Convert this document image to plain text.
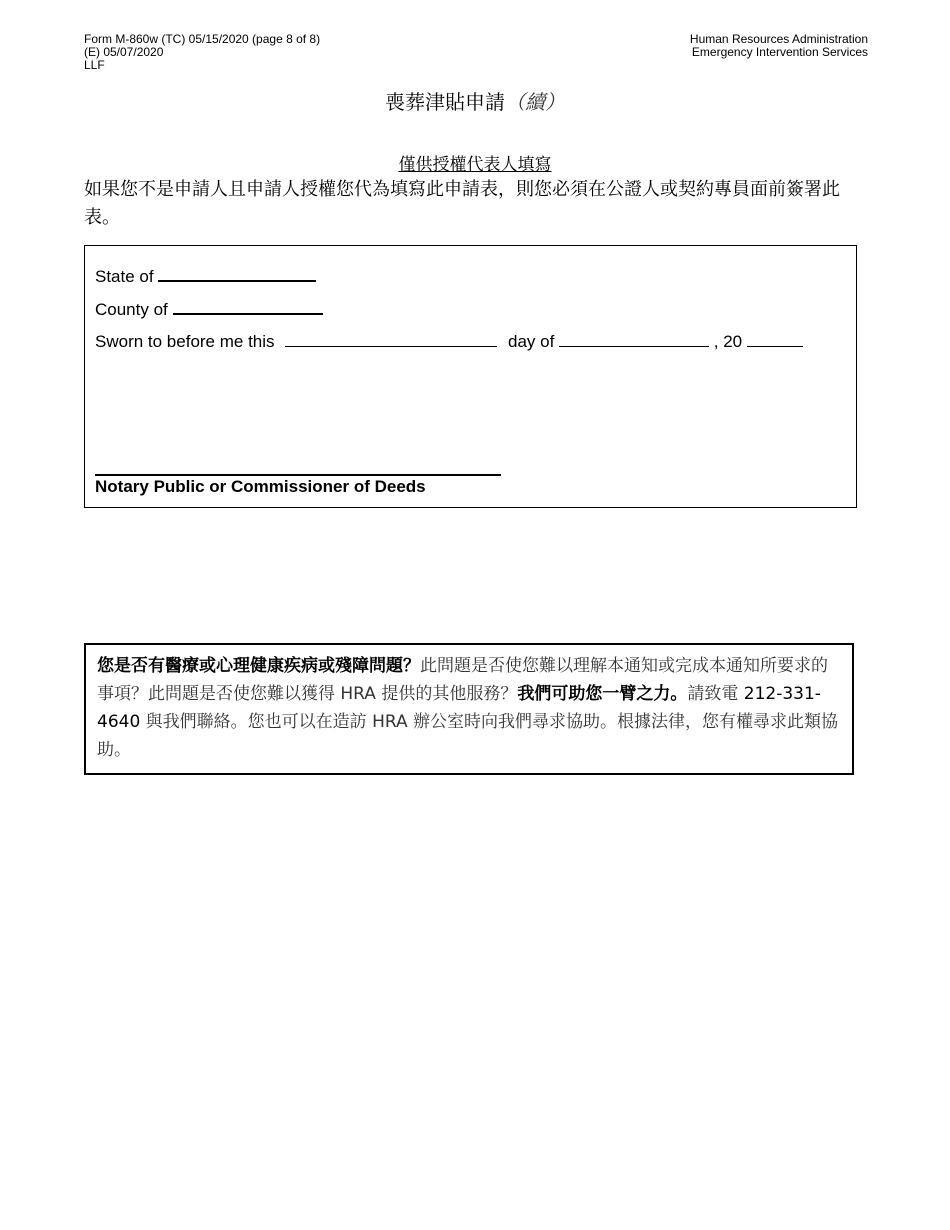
Form M-860w (TC) 05/15/2020 (page 8 of 8)
(E) 05/07/2020
LLF
Human Resources Administration
Emergency Intervention Services
喪葬津貼申請（續）
僅供授權代表人填寫
如果您不是申請人且申請人授權您代為填寫此申請表，則您必須在公證人或契約專員面前簽署此表。
State of
County of
Sworn to before me this	day of	, 20
Notary Public or Commissioner of Deeds
您是否有醫療或心理健康疾病或殘障問題？此問題是否使您難以理解本通知或完成本通知所要求的事項？此問題是否使您難以獲得 HRA 提供的其他服務？我們可助您一臂之力。請致電 212-331-4640 與我們聯絡。您也可以在造訪 HRA 辦公室時向我們尋求協助。根據法律，您有權尋求此類協助。
